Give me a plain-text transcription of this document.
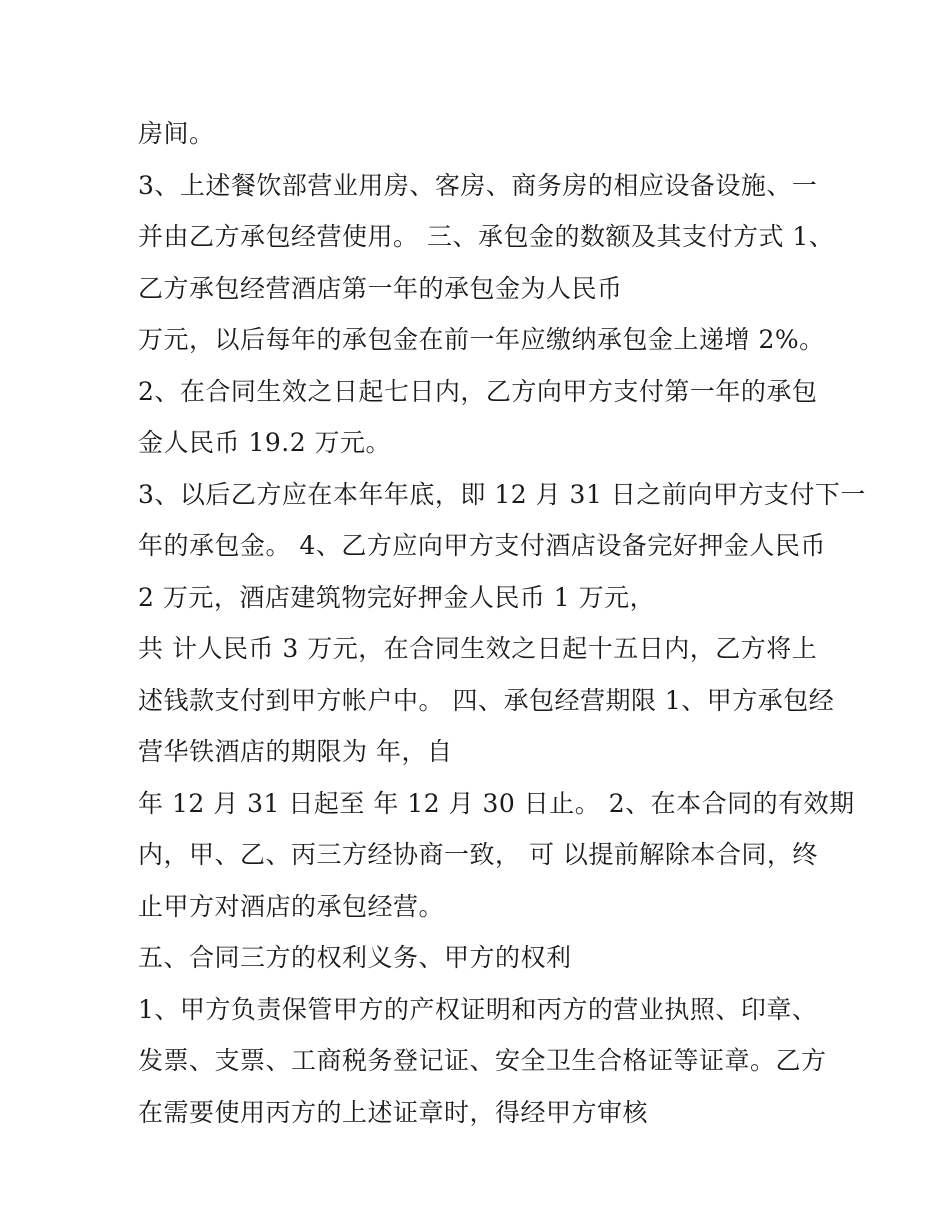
房间。
3、上述餐饮部营业用房、客房、商务房的相应设备设施、一
并由乙方承包经营使用。 三、承包金的数额及其支付方式 1、
乙方承包经营酒店第一年的承包金为人民币
万元，以后每年的承包金在前一年应缴纳承包金上递增 2%。
2、在合同生效之日起七日内，乙方向甲方支付第一年的承包
金人民币 19.2 万元。
3、以后乙方应在本年年底，即 12 月 31 日之前向甲方支付下一
年的承包金。 4、乙方应向甲方支付酒店设备完好押金人民币
2 万元，酒店建筑物完好押金人民币 1 万元，
共 计人民币 3 万元，在合同生效之日起十五日内，乙方将上
述钱款支付到甲方帐户中。 四、承包经营期限 1、甲方承包经
营华铁酒店的期限为 年，自
年 12 月 31 日起至 年 12 月 30 日止。 2、在本合同的有效期
内，甲、乙、丙三方经协商一致， 可 以提前解除本合同，终
止甲方对酒店的承包经营。
五、合同三方的权利义务、甲方的权利
1、甲方负责保管甲方的产权证明和丙方的营业执照、印章、
发票、支票、工商税务登记证、安全卫生合格证等证章。乙方
在需要使用丙方的上述证章时，得经甲方审核
